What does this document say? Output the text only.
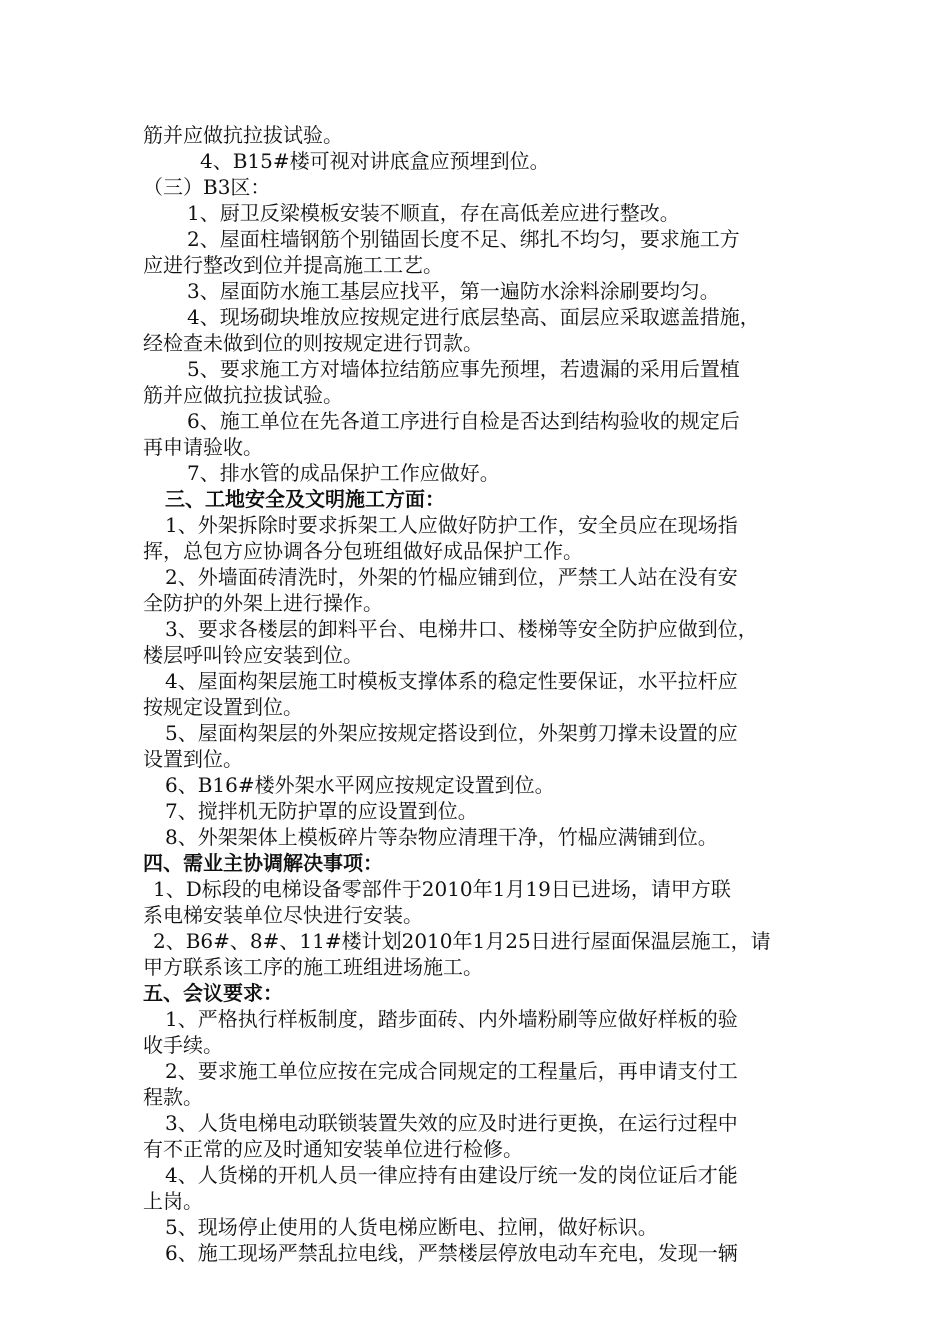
筋并应做抗拉拔试验。
4、B15#楼可视对讲底盒应预埋到位。
（三）B3区：
1、厨卫反梁模板安装不顺直，存在高低差应进行整改。
2、屋面柱墙钢筋个别锚固长度不足、绑扎不均匀，要求施工方
应进行整改到位并提高施工工艺。
3、屋面防水施工基层应找平，第一遍防水涂料涂刷要均匀。
4、现场砌块堆放应按规定进行底层垫高、面层应采取遮盖措施，
经检查未做到位的则按规定进行罚款。
5、要求施工方对墙体拉结筋应事先预埋，若遗漏的采用后置植
筋并应做抗拉拔试验。
6、施工单位在先各道工序进行自检是否达到结构验收的规定后
再申请验收。
7、排水管的成品保护工作应做好。
三、工地安全及文明施工方面：
1、外架拆除时要求拆架工人应做好防护工作，安全员应在现场指
挥，总包方应协调各分包班组做好成品保护工作。
2、外墙面砖清洗时，外架的竹榀应铺到位，严禁工人站在没有安
全防护的外架上进行操作。
3、要求各楼层的卸料平台、电梯井口、楼梯等安全防护应做到位，
楼层呼叫铃应安装到位。
4、屋面构架层施工时模板支撑体系的稳定性要保证，水平拉杆应
按规定设置到位。
5、屋面构架层的外架应按规定搭设到位，外架剪刀撑未设置的应
设置到位。
6、B16#楼外架水平网应按规定设置到位。
7、搅拌机无防护罩的应设置到位。
8、外架架体上模板碎片等杂物应清理干净，竹榀应满铺到位。
四、需业主协调解决事项：
1、D标段的电梯设备零部件于2010年1月19日已进场，请甲方联
系电梯安装单位尽快进行安装。
2、B6#、8#、11#楼计划2010年1月25日进行屋面保温层施工，请
甲方联系该工序的施工班组进场施工。
五、会议要求：
1、严格执行样板制度，踏步面砖、内外墙粉刷等应做好样板的验
收手续。
2、要求施工单位应按在完成合同规定的工程量后，再申请支付工
程款。
3、人货电梯电动联锁装置失效的应及时进行更换，在运行过程中
有不正常的应及时通知安装单位进行检修。
4、人货梯的开机人员一律应持有由建设厅统一发的岗位证后才能
上岗。
5、现场停止使用的人货电梯应断电、拉闸，做好标识。
6、施工现场严禁乱拉电线，严禁楼层停放电动车充电，发现一辆
